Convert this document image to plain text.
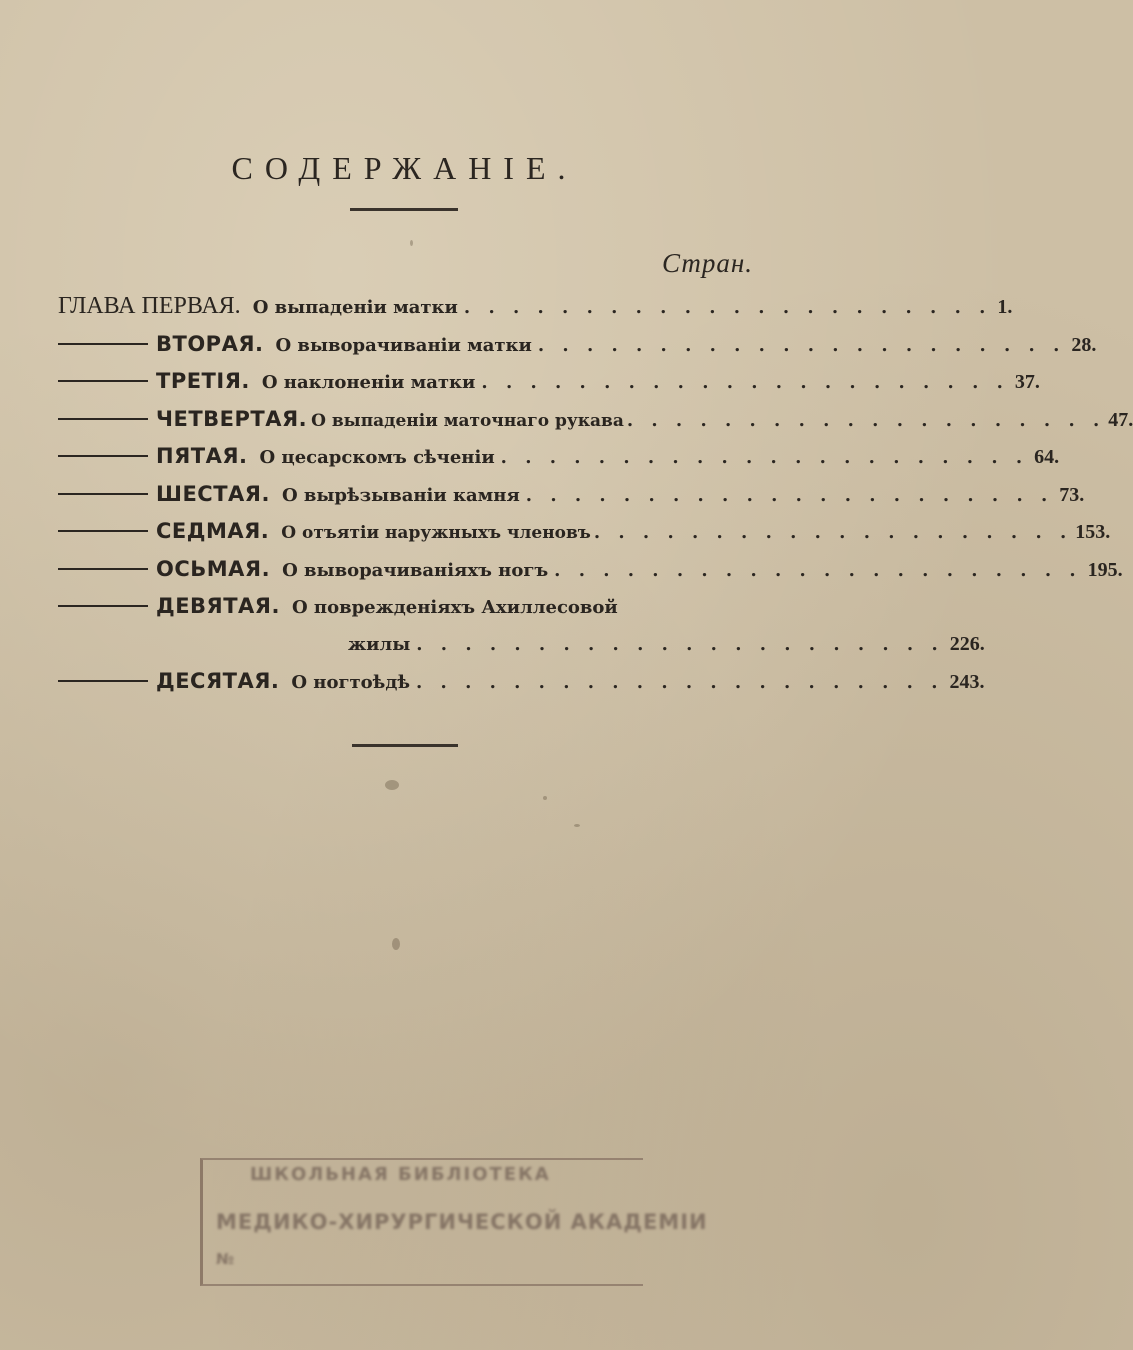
СОДЕРЖАНІЕ.
Стран.
ГЛАВА ПЕРВАЯ. О выпаденіи матки . . . . . . . . . . . . . . . . . . . . . . 1.
ВТОРАЯ. О выворачиваніи матки . . . . . . . . . . . . . . . . . . . . . . 28.
ТРЕТІЯ. О наклоненіи матки . . . . . . . . . . . . . . . . . . . . . . 37.
ЧЕТВЕРТАЯ. О выпаденіи маточнаго рукава . . . . . . . . . . . . . . . . . . . . 47.
ПЯТАЯ. О цесарскомъ сѣченіи . . . . . . . . . . . . . . . . . . . . . . 64.
ШЕСТАЯ. О вырѣзываніи камня . . . . . . . . . . . . . . . . . . . . . . 73.
СЕДМАЯ. О отъятіи наружныхъ членовъ . . . . . . . . . . . . . . . . . . . . 153.
ОСЬМАЯ. О выворачиваніяхъ ногъ . . . . . . . . . . . . . . . . . . . . . . 195.
ДЕВЯТАЯ. О поврежденіяхъ Ахиллесовой
жилы . . . . . . . . . . . . . . . . . . . . . . 226.
ДЕСЯТАЯ. О ногтоѣдѣ . . . . . . . . . . . . . . . . . . . . . . 243.
ШКОЛЬНАЯ БИБЛІОТЕКА
МЕДИКО-ХИРУРГИЧЕСКОЙ АКАДЕМІИ
№
